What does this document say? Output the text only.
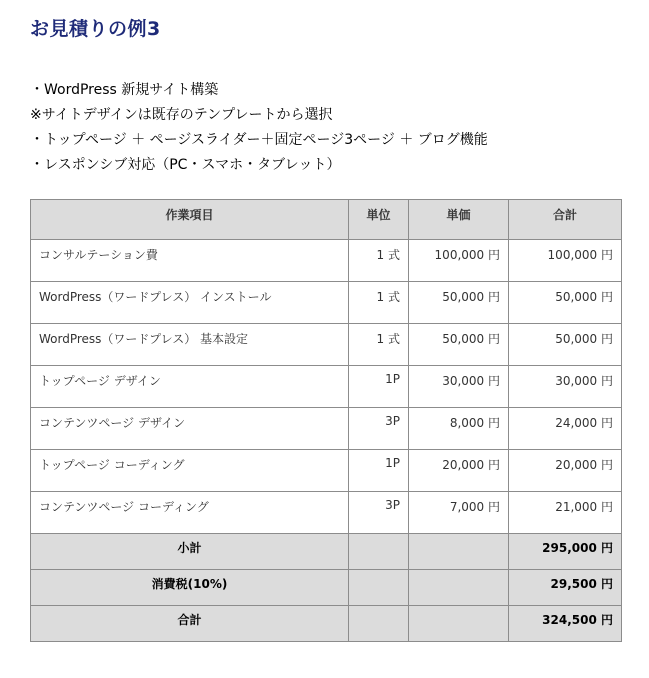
お見積りの例3
・WordPress 新規サイト構築
※サイトデザインは既存のテンプレートから選択
・トップページ ＋ ページスライダー＋固定ページ3ページ ＋ ブログ機能
・レスポンシブ対応（PC・スマホ・タブレット）
作業項目	単位	単価	合計
コンサルテーション費	1 式	100,000 円	100,000 円
WordPress（ワードプレス） インストール	1 式	50,000 円	50,000 円
WordPress（ワードプレス） 基本設定	1 式	50,000 円	50,000 円
トップページ デザイン	1P	30,000 円	30,000 円
コンテンツページ デザイン	3P	8,000 円	24,000 円
トップページ コーディング	1P	20,000 円	20,000 円
コンテンツページ コーディング	3P	7,000 円	21,000 円
小計			295,000 円
消費税(10%)			29,500 円
合計			324,500 円
